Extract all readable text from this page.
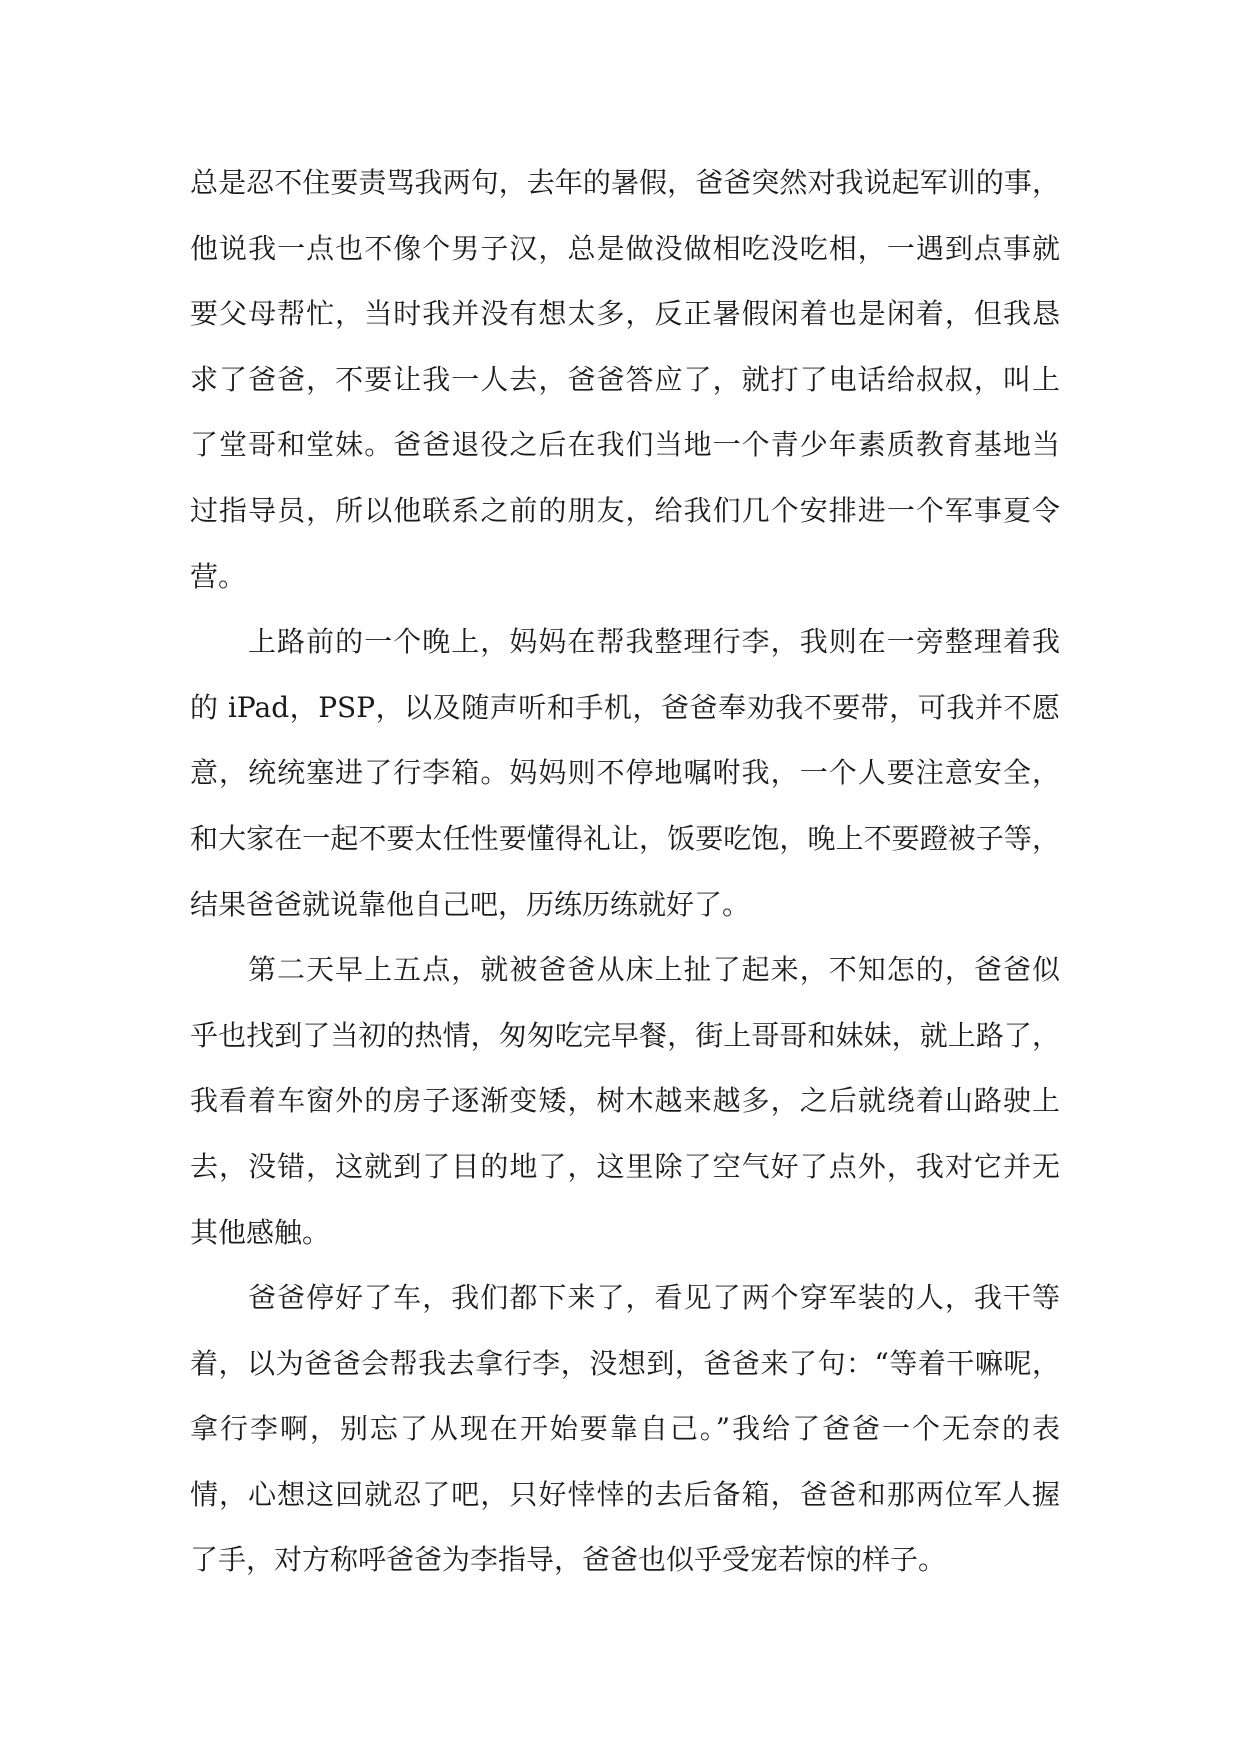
总是忍不住要责骂我两句，去年的暑假，爸爸突然对我说起军训的事，
他说我一点也不像个男子汉，总是做没做相吃没吃相，一遇到点事就
要父母帮忙，当时我并没有想太多，反正暑假闲着也是闲着，但我恳
求了爸爸，不要让我一人去，爸爸答应了，就打了电话给叔叔，叫上
了堂哥和堂妹。爸爸退役之后在我们当地一个青少年素质教育基地当
过指导员，所以他联系之前的朋友，给我们几个安排进一个军事夏令
营。
上路前的一个晚上，妈妈在帮我整理行李，我则在一旁整理着我
的 iPad，PSP，以及随声听和手机，爸爸奉劝我不要带，可我并不愿
意，统统塞进了行李箱。妈妈则不停地嘱咐我，一个人要注意安全，
和大家在一起不要太任性要懂得礼让，饭要吃饱，晚上不要蹬被子等，
结果爸爸就说靠他自己吧，历练历练就好了。
第二天早上五点，就被爸爸从床上扯了起来，不知怎的，爸爸似
乎也找到了当初的热情，匆匆吃完早餐，街上哥哥和妹妹，就上路了，
我看着车窗外的房子逐渐变矮，树木越来越多，之后就绕着山路驶上
去，没错，这就到了目的地了，这里除了空气好了点外，我对它并无
其他感触。
爸爸停好了车，我们都下来了，看见了两个穿军装的人，我干等
着，以为爸爸会帮我去拿行李，没想到，爸爸来了句：“等着干嘛呢，
拿行李啊，别忘了从现在开始要靠自己。”我给了爸爸一个无奈的表
情，心想这回就忍了吧，只好悻悻的去后备箱，爸爸和那两位军人握
了手，对方称呼爸爸为李指导，爸爸也似乎受宠若惊的样子。
